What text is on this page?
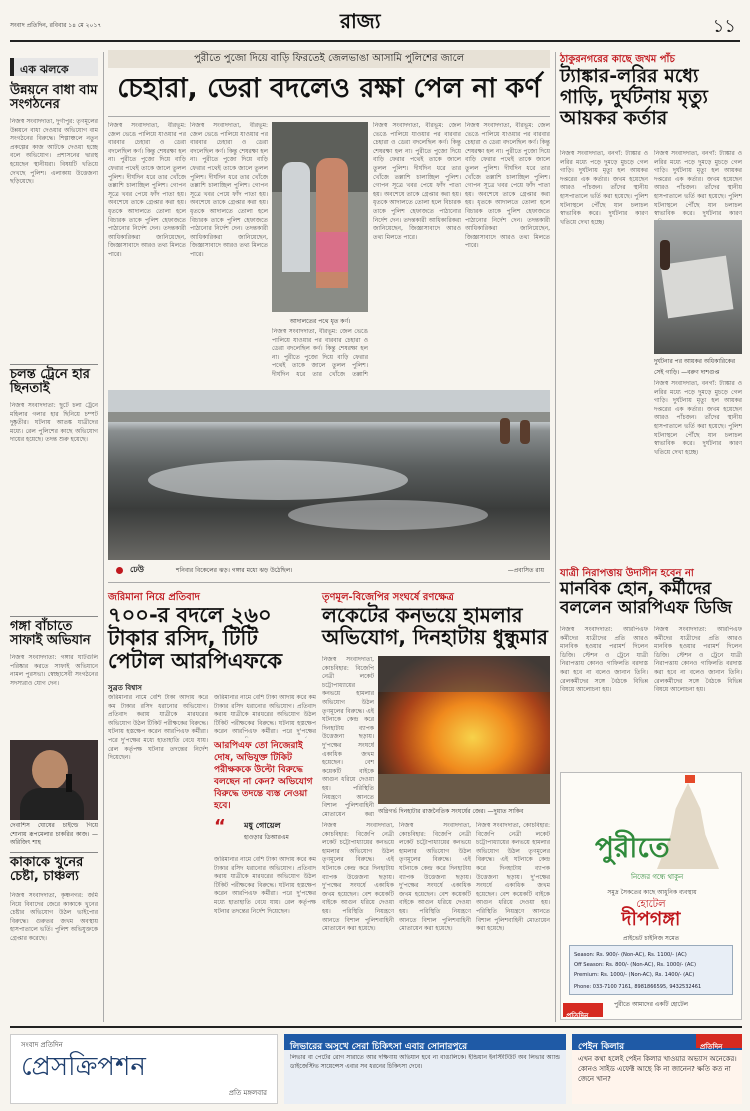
সংবাদ প্রতিদিন, রবিবার ১৪ মে ২০১৭	রাজ্য	১১
এক ঝলকে
উন্নয়নে বাধা বাম সংগঠনের
নিজস্ব সংবাদদাতা, দুর্গাপুর: তৃণমূলের উন্নয়নে বাধা দেওয়ার অভিযোগ বাম সংগঠনের বিরুদ্ধে। শিল্পাঞ্চলে নতুন প্রকল্পের কাজ আটকে দেওয়া হচ্ছে বলে অভিযোগ। প্রশাসনের দ্বারস্থ হয়েছেন স্থানীয়রা। বিষয়টি খতিয়ে দেখছে পুলিশ। এলাকায় উত্তেজনা ছড়িয়েছে।
চলন্ত ট্রেনে হার ছিনতাই
নিজস্ব সংবাদদাতা: ছুটে চলা ট্রেনে মহিলার গলার হার ছিনিয়ে চম্পট দুষ্কৃতীর। ঘটনায় আতঙ্ক যাত্রীদের মধ্যে। রেল পুলিশের কাছে অভিযোগ দায়ের হয়েছে। তদন্ত শুরু হয়েছে।
গঙ্গা বাঁচাতে সাফাই অভিযান
নিজস্ব সংবাদদাতা: গঙ্গার ঘাটগুলি পরিষ্কার করতে সাফাই অভিযানে নামল পুরসভা। স্বেচ্ছাসেবী সংগঠনের সদস্যরাও যোগ দেন।
দেবাশিস ঘোষের চাইল্ডে গিয়ে শোনায় রূপমেলার চাকরির কাজ। —অরিজিৎ শাহ
কাকাকে খুনের চেষ্টা, চাঞ্চল্য
নিজস্ব সংবাদদাতা, কৃষ্ণনগর: জমি নিয়ে বিবাদের জেরে কাকাকে খুনের চেষ্টার অভিযোগ উঠল ভাইপোর বিরুদ্ধে। গুরুতর জখম অবস্থায় হাসপাতালে ভর্তি। পুলিশ অভিযুক্তকে গ্রেপ্তার করেছে।
পুরীতে পুজো দিয়ে বাড়ি ফিরতেই জেলভাঙা আসামি পুলিশের জালে
চেহারা, ডেরা বদলেও রক্ষা পেল না কর্ণ
নিজস্ব সংবাদদাতা, বীরভূম: জেল ভেঙে পালিয়ে যাওয়ার পর বারবার চেহারা ও ডেরা বদলেছিল কর্ণ। কিন্তু শেষরক্ষা হল না। পুরীতে পুজো দিয়ে বাড়ি ফেরার পথেই তাকে জালে তুলল পুলিশ। দীর্ঘদিন ধরে তার খোঁজে তল্লাশি চালাচ্ছিল পুলিশ। গোপন সূত্রে খবর পেয়ে ফাঁদ পাতা হয়। অবশেষে তাকে গ্রেপ্তার করা হয়। ধৃতকে আদালতে তোলা হলে বিচারক তাকে পুলিশ হেফাজতে পাঠানোর নির্দেশ দেন। তদন্তকারী আধিকারিকরা জানিয়েছেন, জিজ্ঞাসাবাদে আরও তথ্য মিলতে পারে।
নিজস্ব সংবাদদাতা, বীরভূম: জেল ভেঙে পালিয়ে যাওয়ার পর বারবার চেহারা ও ডেরা বদলেছিল কর্ণ। কিন্তু শেষরক্ষা হল না। পুরীতে পুজো দিয়ে বাড়ি ফেরার পথেই তাকে জালে তুলল পুলিশ। দীর্ঘদিন ধরে তার খোঁজে তল্লাশি চালাচ্ছিল পুলিশ। গোপন সূত্রে খবর পেয়ে ফাঁদ পাতা হয়। অবশেষে তাকে গ্রেপ্তার করা হয়। ধৃতকে আদালতে তোলা হলে বিচারক তাকে পুলিশ হেফাজতে পাঠানোর নির্দেশ দেন। তদন্তকারী আধিকারিকরা জানিয়েছেন, জিজ্ঞাসাবাদে আরও তথ্য মিলতে পারে।
আদালতের পথে ধৃত কর্ণ।
নিজস্ব সংবাদদাতা, বীরভূম: জেল ভেঙে পালিয়ে যাওয়ার পর বারবার চেহারা ও ডেরা বদলেছিল কর্ণ। কিন্তু শেষরক্ষা হল না। পুরীতে পুজো দিয়ে বাড়ি ফেরার পথেই তাকে জালে তুলল পুলিশ। দীর্ঘদিন ধরে তার খোঁজে তল্লাশি
নিজস্ব সংবাদদাতা, বীরভূম: জেল ভেঙে পালিয়ে যাওয়ার পর বারবার চেহারা ও ডেরা বদলেছিল কর্ণ। কিন্তু শেষরক্ষা হল না। পুরীতে পুজো দিয়ে বাড়ি ফেরার পথেই তাকে জালে তুলল পুলিশ। দীর্ঘদিন ধরে তার খোঁজে তল্লাশি চালাচ্ছিল পুলিশ। গোপন সূত্রে খবর পেয়ে ফাঁদ পাতা হয়। অবশেষে তাকে গ্রেপ্তার করা হয়। ধৃতকে আদালতে তোলা হলে বিচারক তাকে পুলিশ হেফাজতে পাঠানোর নির্দেশ দেন। তদন্তকারী আধিকারিকরা জানিয়েছেন, জিজ্ঞাসাবাদে আরও তথ্য মিলতে পারে।
নিজস্ব সংবাদদাতা, বীরভূম: জেল ভেঙে পালিয়ে যাওয়ার পর বারবার চেহারা ও ডেরা বদলেছিল কর্ণ। কিন্তু শেষরক্ষা হল না। পুরীতে পুজো দিয়ে বাড়ি ফেরার পথেই তাকে জালে তুলল পুলিশ। দীর্ঘদিন ধরে তার খোঁজে তল্লাশি চালাচ্ছিল পুলিশ। গোপন সূত্রে খবর পেয়ে ফাঁদ পাতা হয়। অবশেষে তাকে গ্রেপ্তার করা হয়। ধৃতকে আদালতে তোলা হলে বিচারক তাকে পুলিশ হেফাজতে পাঠানোর নির্দেশ দেন। তদন্তকারী আধিকারিকরা জানিয়েছেন, জিজ্ঞাসাবাদে আরও তথ্য মিলতে পারে।
ঢেউ	শনিবার বিকেলের ঝড়। গঙ্গার মধ্যে ঝড় উঠেছিল।	—প্রবাসিত রায়
জরিমানা নিয়ে প্রতিবাদ
৭০০-র বদলে ২৬০ টাকার রসিদ, টিটি পেটাল আরপিএফকে
সুব্রত বিশ্বাস
জরিমানার নামে বেশি টাকা আদায় করে কম টাকার রসিদ ধরানোর অভিযোগ। প্রতিবাদ করায় যাত্রীকে মারধরের অভিযোগ উঠল টিকিট পরীক্ষকের বিরুদ্ধে। ঘটনায় হস্তক্ষেপ করেন আরপিএফ কর্মীরা। পরে দু'পক্ষের মধ্যে হাতাহাতি বেধে যায়। রেল কর্তৃপক্ষ ঘটনার তদন্তের নির্দেশ দিয়েছেন।
জরিমানার নামে বেশি টাকা আদায় করে কম টাকার রসিদ ধরানোর অভিযোগ। প্রতিবাদ করায় যাত্রীকে মারধরের অভিযোগ উঠল টিকিট পরীক্ষকের বিরুদ্ধে। ঘটনায় হস্তক্ষেপ করেন আরপিএফ কর্মীরা। পরে দু'পক্ষের
আরপিএফ তো নিজেরাই দোষ, অভিযুক্ত টিকিট পরীক্ষককে উল্টো বিরুদ্ধে বলছেন না কেন? অভিযোগ বিরুদ্ধে তদন্তে ব্যস্ত নেওয়া হবে।
মধু গোয়েল
হাওড়ার ডিআরএম
“
জরিমানার নামে বেশি টাকা আদায় করে কম টাকার রসিদ ধরানোর অভিযোগ। প্রতিবাদ করায় যাত্রীকে মারধরের অভিযোগ উঠল টিকিট পরীক্ষকের বিরুদ্ধে। ঘটনায় হস্তক্ষেপ করেন আরপিএফ কর্মীরা। পরে দু'পক্ষের মধ্যে হাতাহাতি বেধে যায়। রেল কর্তৃপক্ষ ঘটনার তদন্তের নির্দেশ দিয়েছেন।
তৃণমূল-বিজেপির সংঘর্ষে রণক্ষেত্র
লকেটের কনভয়ে হামলার অভিযোগ, দিনহাটায় ধুন্ধুমার
নিজস্ব সংবাদদাতা, কোচবিহার: বিজেপি নেত্রী লকেট চট্টোপাধ্যায়ের কনভয়ে হামলার অভিযোগ উঠল তৃণমূলের বিরুদ্ধে। এই ঘটনাকে কেন্দ্র করে দিনহাটায় ব্যাপক উত্তেজনা ছড়ায়। দু'পক্ষের সংঘর্ষে একাধিক জখম হয়েছেন। বেশ কয়েকটি বাইকে আগুন ধরিয়ে দেওয়া হয়। পরিস্থিতি নিয়ন্ত্রণে আনতে বিশাল পুলিশবাহিনী মোতায়েন করা অগ্নিগর্ভ দিনহাটার রাজনৈতিক সংঘর্ষের জের। —দুয়াত সাকিব
নিজস্ব সংবাদদাতা, কোচবিহার: বিজেপি নেত্রী লকেট চট্টোপাধ্যায়ের কনভয়ে হামলার অভিযোগ উঠল তৃণমূলের বিরুদ্ধে। এই ঘটনাকে কেন্দ্র করে দিনহাটায় ব্যাপক উত্তেজনা ছড়ায়। দু'পক্ষের সংঘর্ষে একাধিক জখম হয়েছেন। বেশ কয়েকটি বাইকে আগুন ধরিয়ে দেওয়া হয়। পরিস্থিতি নিয়ন্ত্রণে আনতে বিশাল পুলিশবাহিনী মোতায়েন করা হয়েছে।
নিজস্ব সংবাদদাতা, কোচবিহার: বিজেপি নেত্রী লকেট চট্টোপাধ্যায়ের কনভয়ে হামলার অভিযোগ উঠল তৃণমূলের বিরুদ্ধে। এই ঘটনাকে কেন্দ্র করে দিনহাটায় ব্যাপক উত্তেজনা ছড়ায়। দু'পক্ষের সংঘর্ষে একাধিক জখম হয়েছেন। বেশ কয়েকটি বাইকে আগুন ধরিয়ে দেওয়া হয়। পরিস্থিতি নিয়ন্ত্রণে আনতে বিশাল পুলিশবাহিনী মোতায়েন করা হয়েছে।
নিজস্ব সংবাদদাতা, কোচবিহার: বিজেপি নেত্রী লকেট চট্টোপাধ্যায়ের কনভয়ে হামলার অভিযোগ উঠল তৃণমূলের বিরুদ্ধে। এই ঘটনাকে কেন্দ্র করে দিনহাটায় ব্যাপক উত্তেজনা ছড়ায়। দু'পক্ষের সংঘর্ষে একাধিক জখম হয়েছেন। বেশ কয়েকটি বাইকে আগুন ধরিয়ে দেওয়া হয়। পরিস্থিতি নিয়ন্ত্রণে আনতে বিশাল পুলিশবাহিনী মোতায়েন করা হয়েছে।
ঠাকুরনগরের কাছে জখম পাঁচ
ট্যাঙ্কার-লরির মধ্যে গাড়ি, দুর্ঘটনায় মৃত্যু আয়কর কর্তার
নিজস্ব সংবাদদাতা, বনগাঁ: ট্যাঙ্কার ও লরির মধ্যে পড়ে দুমড়ে মুচড়ে গেল গাড়ি। দুর্ঘটনায় মৃত্যু হল আয়কর দপ্তরের এক কর্তার। জখম হয়েছেন আরও পাঁচজন। তাঁদের স্থানীয় হাসপাতালে ভর্তি করা হয়েছে। পুলিশ ঘটনাস্থলে পৌঁছে যান চলাচল স্বাভাবিক করে। দুর্ঘটনার কারণ খতিয়ে দেখা হচ্ছে।
নিজস্ব সংবাদদাতা, বনগাঁ: ট্যাঙ্কার ও লরির মধ্যে পড়ে দুমড়ে মুচড়ে গেল গাড়ি। দুর্ঘটনায় মৃত্যু হল আয়কর দপ্তরের এক কর্তার। জখম হয়েছেন আরও পাঁচজন। তাঁদের স্থানীয় হাসপাতালে ভর্তি করা হয়েছে। পুলিশ ঘটনাস্থলে পৌঁছে যান চলাচল স্বাভাবিক করে। দুর্ঘটনার কারণ
দুর্ঘটনার পর আয়কর অধিকারিকের সেই গাড়ি। —বরুণ দাশগুপ্ত
নিজস্ব সংবাদদাতা, বনগাঁ: ট্যাঙ্কার ও লরির মধ্যে পড়ে দুমড়ে মুচড়ে গেল গাড়ি। দুর্ঘটনায় মৃত্যু হল আয়কর দপ্তরের এক কর্তার। জখম হয়েছেন আরও পাঁচজন। তাঁদের স্থানীয় হাসপাতালে ভর্তি করা হয়েছে। পুলিশ ঘটনাস্থলে পৌঁছে যান চলাচল স্বাভাবিক করে। দুর্ঘটনার কারণ খতিয়ে দেখা হচ্ছে।
যাত্রী নিরাপত্তায় উদাসীন হবেন না
মানবিক হোন, কর্মীদের বললেন আরপিএফ ডিজি
নিজস্ব সংবাদদাতা: আরপিএফ কর্মীদের যাত্রীদের প্রতি আরও মানবিক হওয়ার পরামর্শ দিলেন ডিজি। স্টেশন ও ট্রেনে যাত্রী নিরাপত্তায় কোনও গাফিলতি বরদাস্ত করা হবে না বলেও জানান তিনি। রেলকর্মীদের সঙ্গে বৈঠকে বিভিন্ন বিষয়ে আলোচনা হয়।
নিজস্ব সংবাদদাতা: আরপিএফ কর্মীদের যাত্রীদের প্রতি আরও মানবিক হওয়ার পরামর্শ দিলেন ডিজি। স্টেশন ও ট্রেনে যাত্রী নিরাপত্তায় কোনও গাফিলতি বরদাস্ত করা হবে না বলেও জানান তিনি। রেলকর্মীদের সঙ্গে বৈঠকে বিভিন্ন বিষয়ে আলোচনা হয়।
পুরীতে
নিজের গন্ধে থাকুন
সমুদ্র সৈকতের কাছে আধুনিক ব্যবস্থায়
হোটেল
দীপগঙ্গা
প্রাইভেট চাইনিজ সমেত
Season: Rs. 900/- (Non-AC), Rs. 1100/- (AC)
Off Season: Rs. 800/- (Non-AC), Rs. 1000/- (AC)
Premium: Rs. 1000/- (Non-AC), Rs. 1400/- (AC)
Phone: 033-7100 7161, 8981866595, 9432532461
পুরীতে আমাদের একটি হোটেল
প্রতিদিন
সংবাদ প্রতিদিন
প্রেসক্রিপশন
প্রতি মঙ্গলবার
লিভারের অসুখে সেরা চিকিৎসা এবার সোনারপুরে
লিভার বা পেটের রোগ সারাতে আর দক্ষিণায় অভিযান হবে না বাঙালিকে। ইন্ডিয়ান ইনস্টিটিউট অব লিভার অ্যান্ড ডাইজেস্টিভ সায়েন্সেস এবার সব ধরনের চিকিৎসা দেবে।
পেইন কিলার
এখন কথা হলেই পেইন কিলার খাওয়ার অভ্যাস অনেকের। কোনও সাইড এফেক্ট আছে কি না জানেন? ক্ষতি কত না জেনে খান?
প্রতিদিন
